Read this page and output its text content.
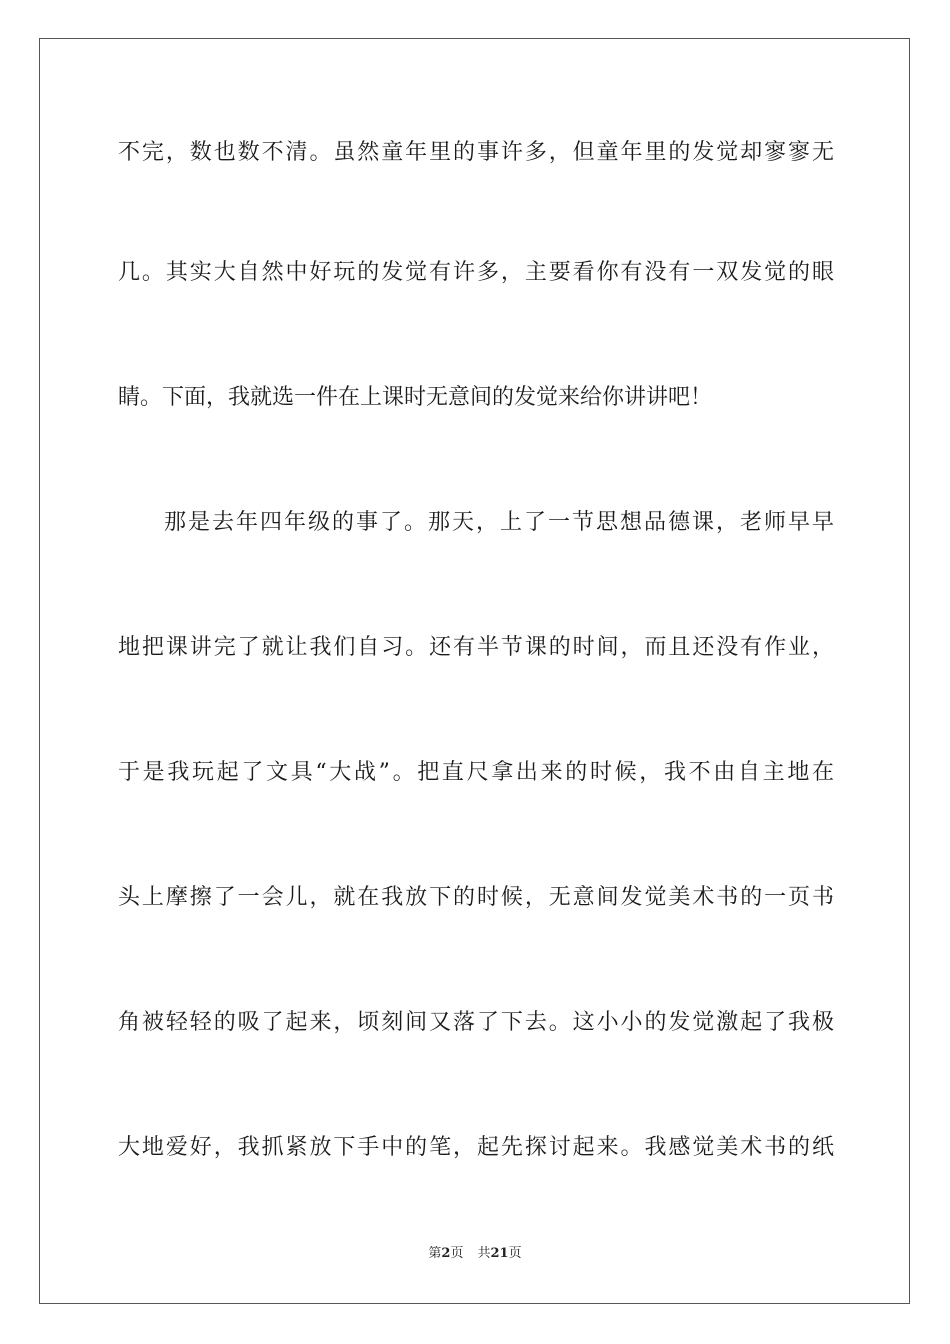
不完，数也数不清。虽然童年里的事许多，但童年里的发觉却寥寥无
几。其实大自然中好玩的发觉有许多，主要看你有没有一双发觉的眼
睛。下面，我就选一件在上课时无意间的发觉来给你讲讲吧！
那是去年四年级的事了。那天，上了一节思想品德课，老师早早
地把课讲完了就让我们自习。还有半节课的时间，而且还没有作业，
于是我玩起了文具“大战”。把直尺拿出来的时候，我不由自主地在
头上摩擦了一会儿，就在我放下的时候，无意间发觉美术书的一页书
角被轻轻的吸了起来，顷刻间又落了下去。这小小的发觉激起了我极
大地爱好，我抓紧放下手中的笔，起先探讨起来。我感觉美术书的纸
第2页 共21页
